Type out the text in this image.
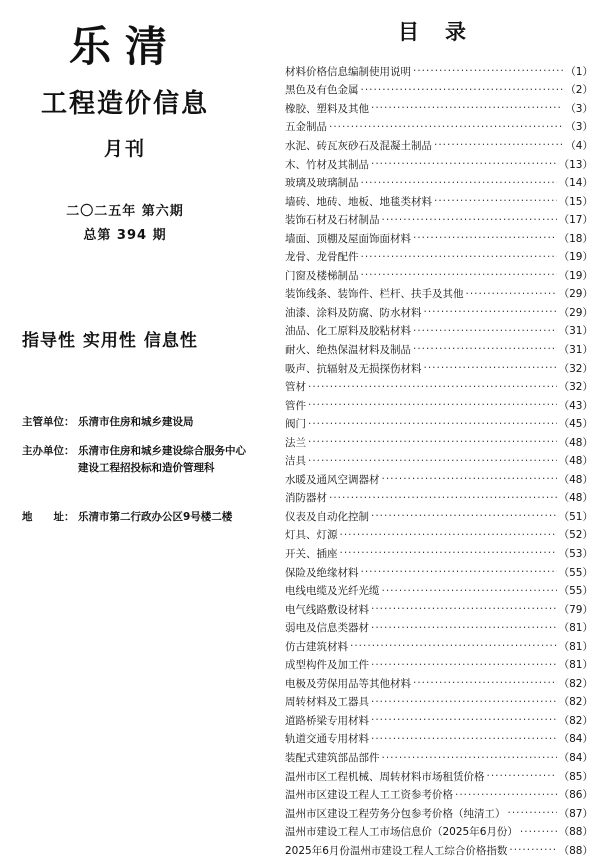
乐清
工程造价信息
月刊
二〇二五年 第六期
总第 394 期
指导性 实用性 信息性
主管单位： 乐清市住房和城乡建设局
主办单位： 乐清市住房和城乡建设综合服务中心
建设工程招投标和造价管理科
地　　址： 乐清市第二行政办公区9号楼二楼
目录
材料价格信息编制使用说明 ·····	（1）
黑色及有色金属 ·····	（2）
橡胶、塑料及其他 ·····	（3）
五金制品 ·····	（3）
水泥、砖瓦灰砂石及混凝土制品 ·····	（4）
木、竹材及其制品 ·····	（13）
玻璃及玻璃制品 ·····	（14）
墙砖、地砖、地板、地毯类材料 ·····	（15）
装饰石材及石材制品 ·····	（17）
墙面、顶棚及屋面饰面材料 ·····	（18）
龙骨、龙骨配件 ·····	（19）
门窗及楼梯制品 ·····	（19）
装饰线条、装饰件、栏杆、扶手及其他 ·····	（29）
油漆、涂料及防腐、防水材料 ·····	（29）
油品、化工原料及胶粘材料 ·····	（31）
耐火、绝热保温材料及制品 ·····	（31）
吸声、抗辐射及无损探伤材料 ·····	（32）
管材 ·····	（32）
管件 ·····	（43）
阀门 ·····	（45）
法兰 ·····	（48）
洁具 ·····	（48）
水暖及通风空调器材 ·····	（48）
消防器材 ·····	（48）
仪表及自动化控制 ·····	（51）
灯具、灯源 ·····	（52）
开关、插座 ·····	（53）
保险及绝缘材料 ·····	（55）
电线电缆及光纤光缆 ·····	（55）
电气线路敷设材料 ·····	（79）
弱电及信息类器材 ·····	（81）
仿古建筑材料 ·····	（81）
成型构件及加工件 ·····	（81）
电极及劳保用品等其他材料 ·····	（82）
周转材料及工器具 ·····	（82）
道路桥梁专用材料 ·····	（82）
轨道交通专用材料 ·····	（84）
装配式建筑部品部件 ·····	（84）
温州市区工程机械、周转材料市场租赁价格 ·····	（85）
温州市区建设工程人工工资参考价格 ·····	（86）
温州市区建设工程劳务分包参考价格（纯清工） ·····	（87）
温州市建设工程人工市场信息价（2025年6月份） ·····	（88）
2025年6月份温州市建设工程人工综合价格指数 ·····	（88）
